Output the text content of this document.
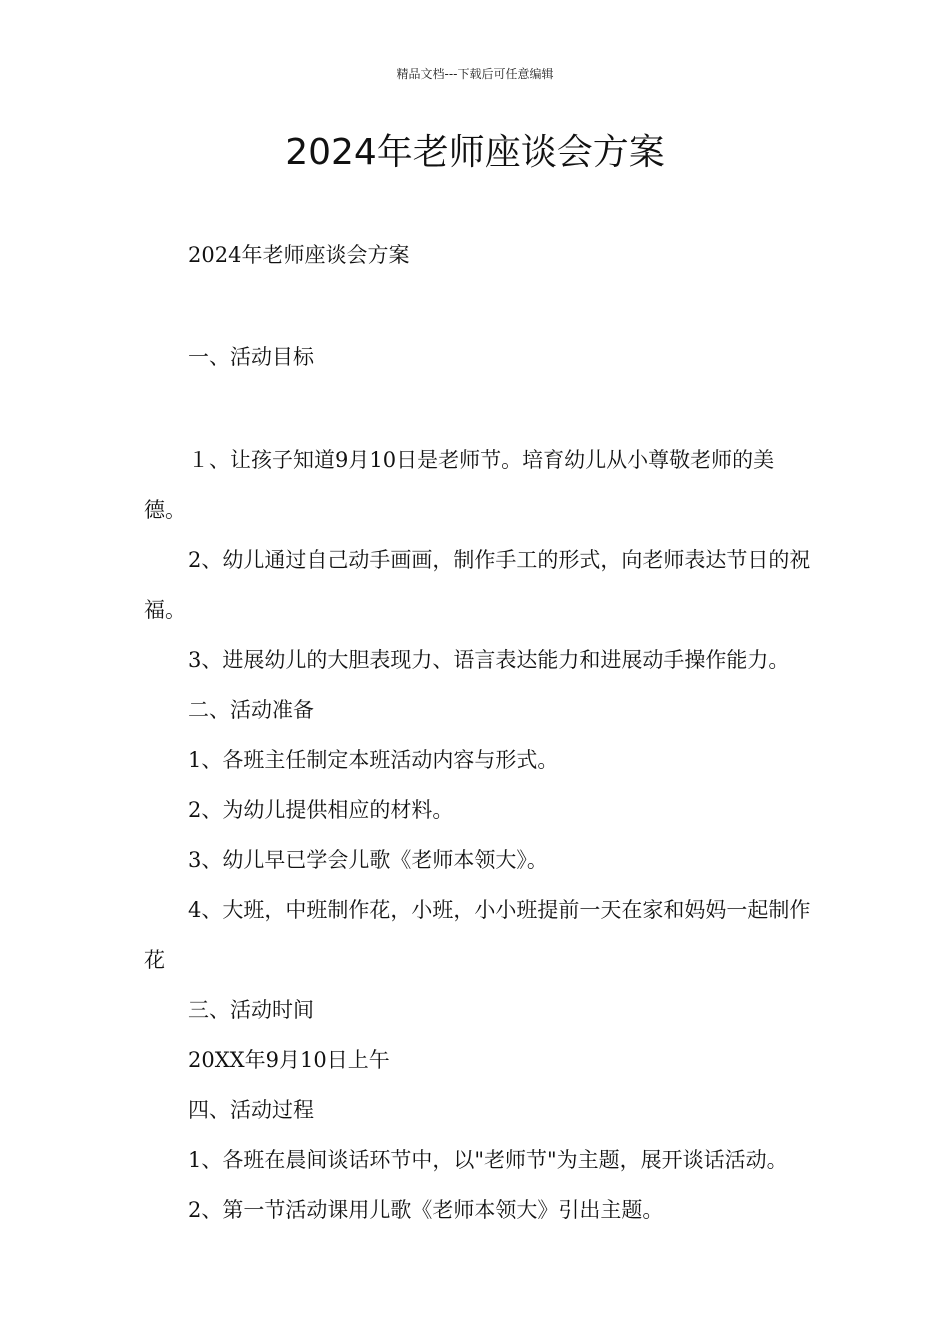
精品文档---下载后可任意编辑
2024年老师座谈会方案

2024年老师座谈会方案

一、活动目标

１、让孩子知道9月10日是老师节。培育幼儿从小尊敬老师的美德。

2、幼儿通过自己动手画画，制作手工的形式，向老师表达节日的祝福。

3、进展幼儿的大胆表现力、语言表达能力和进展动手操作能力。

二、活动准备

1、各班主任制定本班活动内容与形式。

2、为幼儿提供相应的材料。

3、幼儿早已学会儿歌《老师本领大》。

4、大班，中班制作花，小班，小小班提前一天在家和妈妈一起制作花

三、活动时间

20XX年9月10日上午

四、活动过程

1、各班在晨间谈话环节中，以"老师节"为主题，展开谈话活动。

2、第一节活动课用儿歌《老师本领大》引出主题。
